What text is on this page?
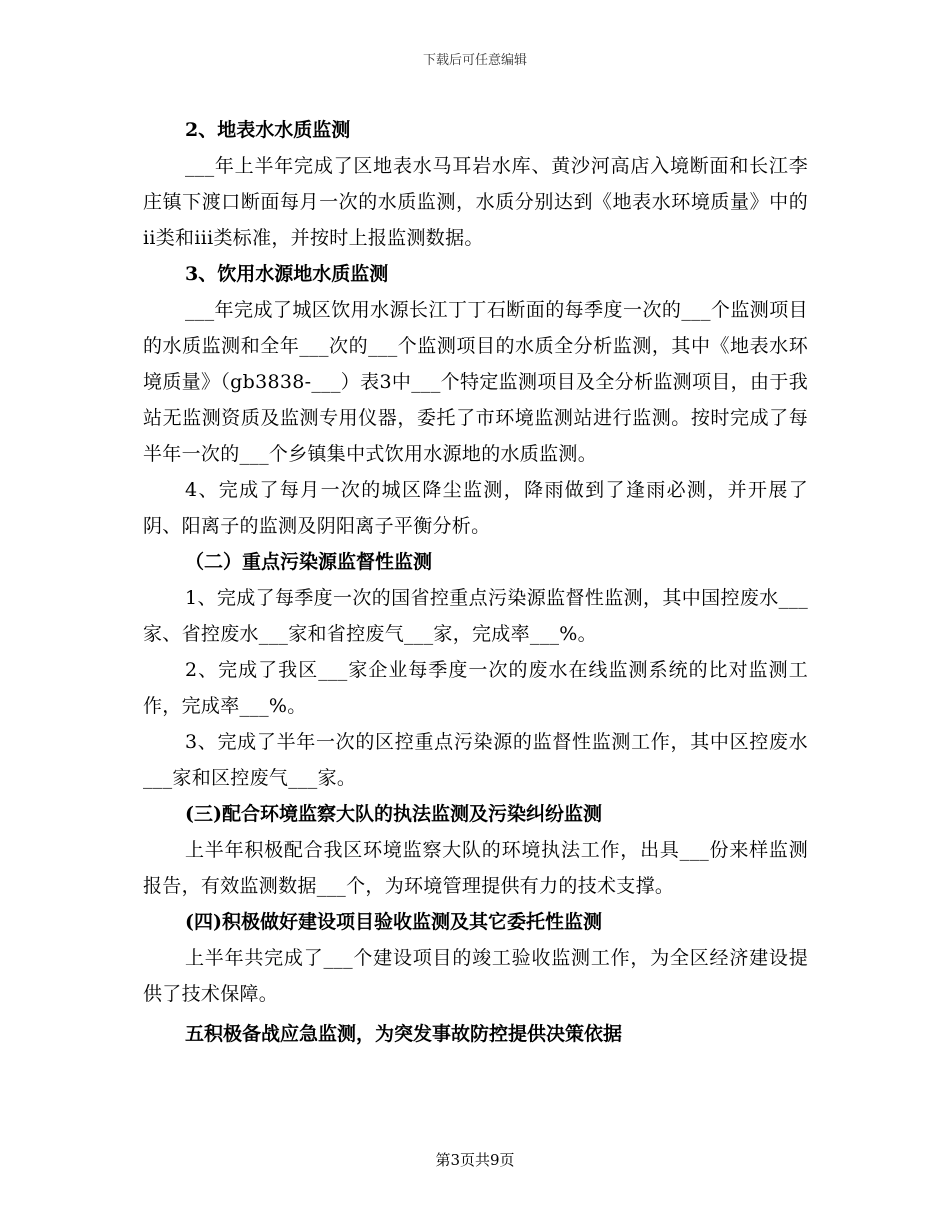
下载后可任意编辑

2、地表水水质监测

___年上半年完成了区地表水马耳岩水库、黄沙河高店入境断面和长江李庄镇下渡口断面每月一次的水质监测，水质分别达到《地表水环境质量》中的ii类和iii类标准，并按时上报监测数据。

3、饮用水源地水质监测

___年完成了城区饮用水源长江丁丁石断面的每季度一次的___个监测项目的水质监测和全年___次的___个监测项目的水质全分析监测，其中《地表水环境质量》（gb3838-___）表3中___个特定监测项目及全分析监测项目，由于我站无监测资质及监测专用仪器，委托了市环境监测站进行监测。按时完成了每半年一次的___个乡镇集中式饮用水源地的水质监测。

4、完成了每月一次的城区降尘监测，降雨做到了逢雨必测，并开展了阴、阳离子的监测及阴阳离子平衡分析。

（二）重点污染源监督性监测

1、完成了每季度一次的国省控重点污染源监督性监测，其中国控废水___家、省控废水___家和省控废气___家，完成率___%。

2、完成了我区___家企业每季度一次的废水在线监测系统的比对监测工作，完成率___%。

3、完成了半年一次的区控重点污染源的监督性监测工作，其中区控废水___家和区控废气___家。

(三)配合环境监察大队的执法监测及污染纠纷监测

上半年积极配合我区环境监察大队的环境执法工作，出具___份来样监测报告，有效监测数据___个，为环境管理提供有力的技术支撑。

(四)积极做好建设项目验收监测及其它委托性监测

上半年共完成了___个建设项目的竣工验收监测工作，为全区经济建设提供了技术保障。

五积极备战应急监测，为突发事故防控提供决策依据

第3页共9页
